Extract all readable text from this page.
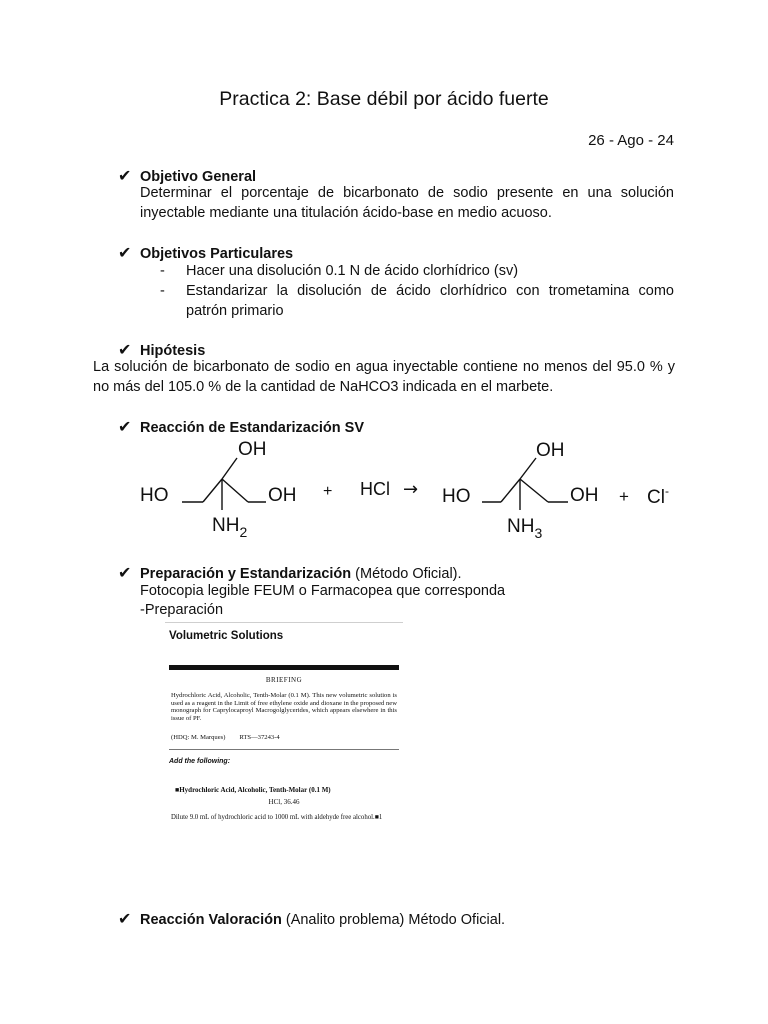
Practica 2: Base débil por ácido fuerte
26 - Ago - 24
✔ Objetivo General
Determinar el porcentaje de bicarbonato de sodio presente en una solución inyectable mediante una titulación ácido-base en medio acuoso.
✔ Objetivos Particulares
- Hacer una disolución 0.1 N de ácido clorhídrico (sv)
- Estandarizar la disolución de ácido clorhídrico con trometamina como patrón primario
✔ Hipótesis
La solución de bicarbonato de sodio en agua inyectable contiene no menos del 95.0 % y no más del 105.0 % de la cantidad de NaHCO3 indicada en el marbete.
✔ Reacción de Estandarización SV
OH
HO	OH
$NH_2$
+ HCl →
OH
HO	OH
$NH_3$
+ Cl-
✔ Preparación y Estandarización (Método Oficial).
Fotocopia legible FEUM o Farmacopea que corresponda
-Preparación
Volumetric Solutions
BRIEFING
Hydrochloric Acid, Alcoholic, Tenth-Molar (0.1 M). This new volumetric solution is used as a reagent in the Limit of free ethylene oxide and dioxane in the proposed new monograph for Caprylocaproyl Macrogolglycerides, which appears elsewhere in this issue of PF.
(HDQ: M. Marques) RTS—37243-4
Add the following:
■Hydrochloric Acid, Alcoholic, Tenth-Molar (0.1 M)
HCl, 36.46
Dilute 9.0 mL of hydrochloric acid to 1000 mL with aldehyde free alcohol.■1
✔ Reacción Valoración (Analito problema) Método Oficial.
